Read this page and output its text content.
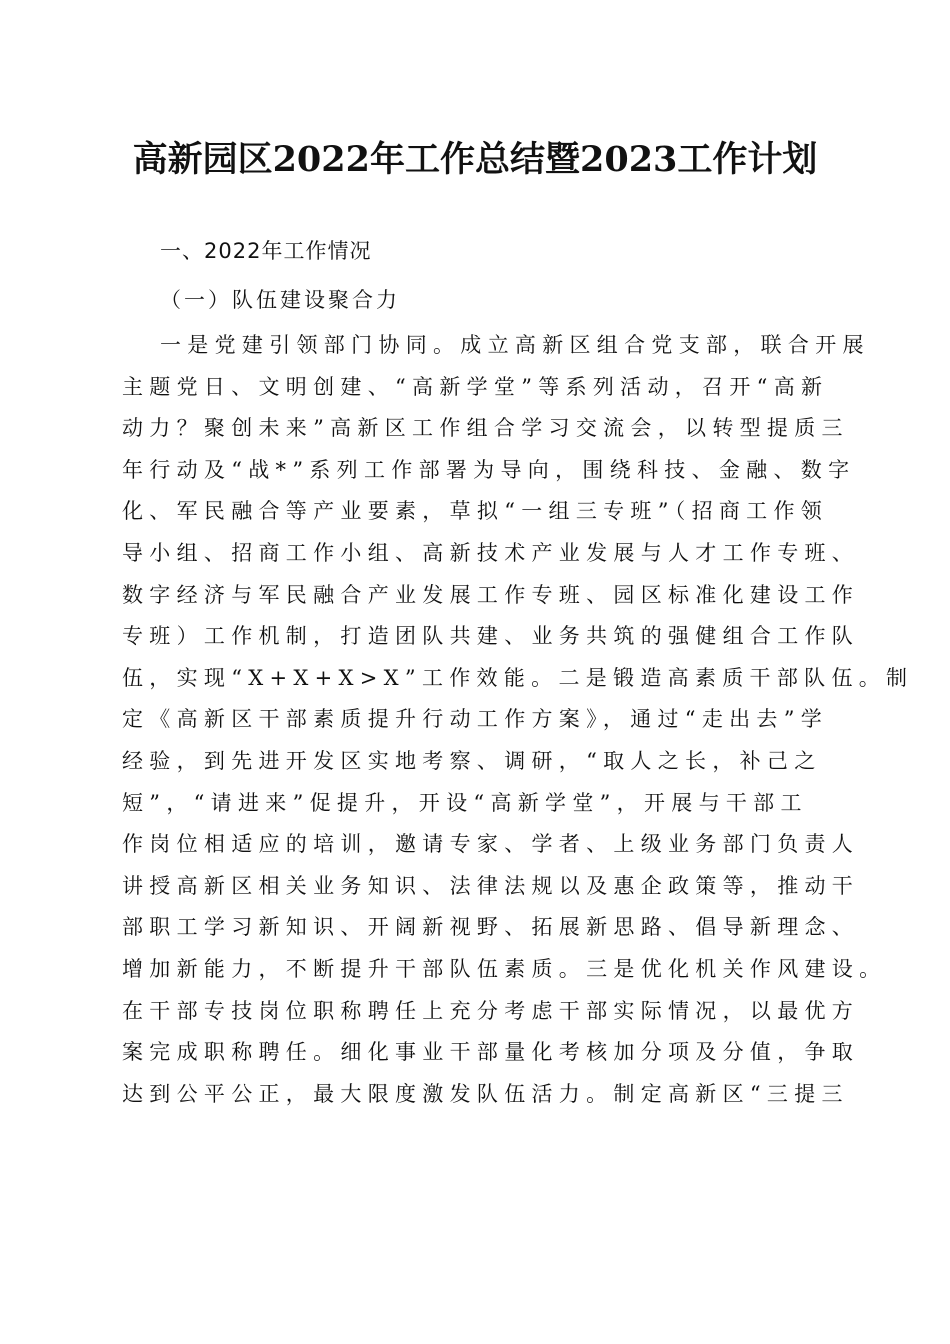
高新园区2022年工作总结暨2023工作计划
一、2022年工作情况
（一）队伍建设聚合力
一是党建引领部门协同。成立高新区组合党支部，联合开展
主题党日、文明创建、“高新学堂”等系列活动，召开“高新
动力？聚创未来”高新区工作组合学习交流会，以转型提质三
年行动及“战*”系列工作部署为导向，围绕科技、金融、数字
化、军民融合等产业要素，草拟“一组三专班”（招商工作领
导小组、招商工作小组、高新技术产业发展与人才工作专班、
数字经济与军民融合产业发展工作专班、园区标准化建设工作
专班）工作机制，打造团队共建、业务共筑的强健组合工作队
伍，实现“X+X+X>X”工作效能。二是锻造高素质干部队伍。制
定《高新区干部素质提升行动工作方案》，通过“走出去”学
经验，到先进开发区实地考察、调研，“取人之长，补己之
短”，“请进来”促提升，开设“高新学堂”，开展与干部工
作岗位相适应的培训，邀请专家、学者、上级业务部门负责人
讲授高新区相关业务知识、法律法规以及惠企政策等，推动干
部职工学习新知识、开阔新视野、拓展新思路、倡导新理念、
增加新能力，不断提升干部队伍素质。三是优化机关作风建设。
在干部专技岗位职称聘任上充分考虑干部实际情况，以最优方
案完成职称聘任。细化事业干部量化考核加分项及分值，争取
达到公平公正，最大限度激发队伍活力。制定高新区“三提三
